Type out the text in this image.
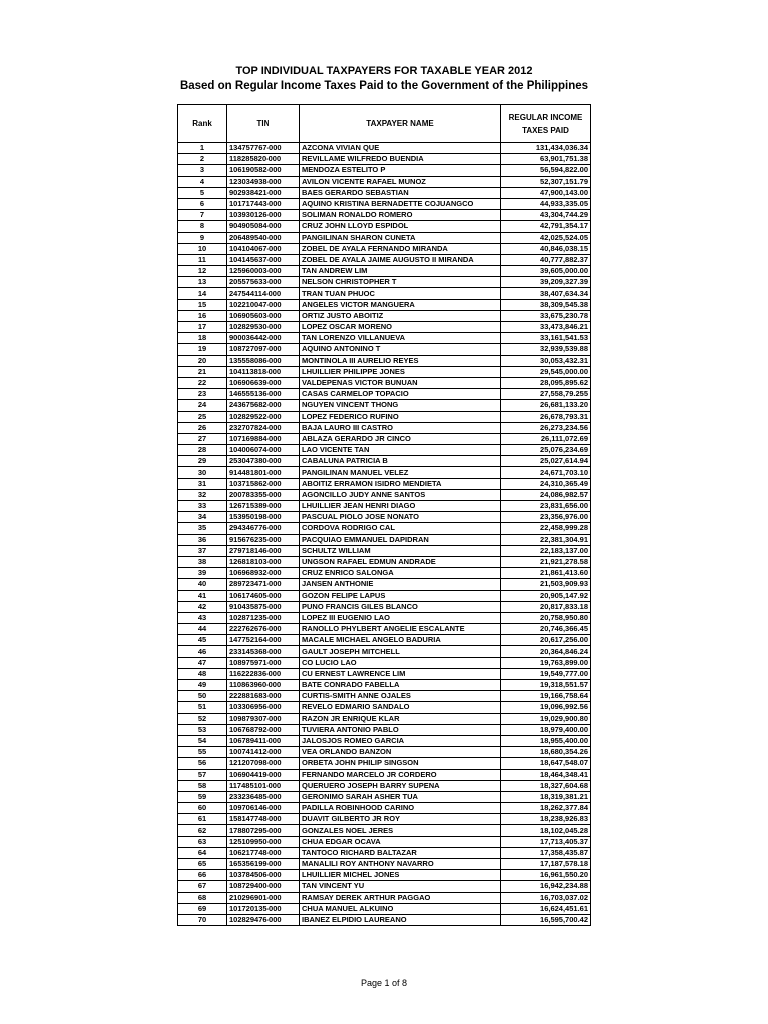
TOP INDIVIDUAL TAXPAYERS FOR TAXABLE YEAR 2012
Based on Regular Income Taxes Paid to the Government of the Philippines
Rank	TIN	TAXPAYER NAME	REGULAR INCOME
TAXES PAID
1	134757767-000	AZCONA VIVIAN QUE	131,434,036.34
2	118285820-000	REVILLAME WILFREDO BUENDIA	63,901,751.38
3	106190582-000	MENDOZA ESTELITO P	56,594,822.00
4	123034938-000	AVILON VICENTE RAFAEL MUNOZ	52,307,151.79
5	902938421-000	BAES GERARDO SEBASTIAN	47,900,143.00
6	101717443-000	AQUINO KRISTINA BERNADETTE COJUANGCO	44,933,335.05
7	103930126-000	SOLIMAN RONALDO ROMERO	43,304,744.29
8	904905084-000	CRUZ JOHN LLOYD ESPIDOL	42,791,354.17
9	206489540-000	PANGILINAN SHARON CUNETA	42,025,524.05
10	104104067-000	ZOBEL DE AYALA FERNANDO MIRANDA	40,846,038.15
11	104145637-000	ZOBEL DE AYALA JAIME AUGUSTO II MIRANDA	40,777,882.37
12	125960003-000	TAN ANDREW LIM	39,605,000.00
13	205575633-000	NELSON CHRISTOPHER T	39,209,327.39
14	247544114-000	TRAN TUAN PHUOC	38,407,634.34
15	102210047-000	ANGELES VICTOR MANGUERA	38,309,545.38
16	106905603-000	ORTIZ JUSTO ABOITIZ	33,675,230.78
17	102829530-000	LOPEZ OSCAR MORENO	33,473,846.21
18	900036442-000	TAN LORENZO VILLANUEVA	33,161,541.53
19	108727097-000	AQUINO ANTONINO T	32,939,539.88
20	135558086-000	MONTINOLA III AURELIO REYES	30,053,432.31
21	104113818-000	LHUILLIER PHILIPPE JONES	29,545,000.00
22	106906639-000	VALDEPENAS VICTOR BUNUAN	28,095,895.62
23	146555136-000	CASAS CARMELOP TOPACIO	27,558,79.255
24	243675682-000	NGUYEN VINCENT THONG	26,681,133.20
25	102829522-000	LOPEZ FEDERICO RUFINO	26,678,793.31
26	232707824-000	BAJA LAURO III CASTRO	26,273,234.56
27	107169884-000	ABLAZA GERARDO JR CINCO	26,111,072.69
28	104006074-000	LAO VICENTE TAN	25,076,234.69
29	253047380-000	CABALUNA PATRICIA B	25,027,614.94
30	914481801-000	PANGILINAN MANUEL VELEZ	24,671,703.10
31	103715862-000	ABOITIZ ERRAMON ISIDRO MENDIETA	24,310,365.49
32	200783355-000	AGONCILLO JUDY ANNE SANTOS	24,086,982.57
33	126715389-000	LHUILLIER JEAN HENRI DIAGO	23,831,656.00
34	153950198-000	PASCUAL PIOLO JOSE NONATO	23,356,976.00
35	294346776-000	CORDOVA RODRIGO CAL	22,458,999.28
36	915676235-000	PACQUIAO EMMANUEL DAPIDRAN	22,381,304.91
37	279718146-000	SCHULTZ WILLIAM	22,183,137.00
38	126818103-000	UNGSON RAFAEL EDMUN ANDRADE	21,921,278.58
39	106968932-000	CRUZ ENRICO SALONGA	21,861,413.60
40	289723471-000	JANSEN ANTHONIE	21,503,909.93
41	106174605-000	GOZON FELIPE LAPUS	20,905,147.92
42	910435875-000	PUNO FRANCIS GILES BLANCO	20,817,833.18
43	102871235-000	LOPEZ III EUGENIO LAO	20,758,950.80
44	222762676-000	RANOLLO PHYLBERT ANGELIE ESCALANTE	20,746,366.45
45	147752164-000	MACALE MICHAEL ANGELO BADURIA	20,617,256.00
46	233145368-000	GAULT JOSEPH MITCHELL	20,364,846.24
47	108975971-000	CO LUCIO LAO	19,763,899.00
48	116222836-000	CU ERNEST LAWRENCE LIM	19,549,777.00
49	110863960-000	BATE CONRADO FABELLA	19,318,551.57
50	222881683-000	CURTIS-SMITH ANNE OJALES	19,166,758.64
51	103306956-000	REVELO EDMARIO SANDALO	19,096,992.56
52	109879307-000	RAZON JR ENRIQUE KLAR	19,029,900.80
53	106768792-000	TUVIERA ANTONIO PABLO	18,979,400.00
54	106789411-000	JALOSJOS ROMEO GARCIA	18,955,400.00
55	100741412-000	VEA ORLANDO BANZON	18,680,354.26
56	121207098-000	ORBETA JOHN PHILIP SINGSON	18,647,548.07
57	106904419-000	FERNANDO MARCELO JR CORDERO	18,464,348.41
58	117485101-000	QUERUERO JOSEPH BARRY SUPENA	18,327,604.68
59	233236485-000	GERONIMO SARAH ASHER TUA	18,319,381.21
60	109706146-000	PADILLA ROBINHOOD CARINO	18,262,377.84
61	158147748-000	DUAVIT GILBERTO JR ROY	18,238,926.83
62	178807295-000	GONZALES NOEL JERES	18,102,045.28
63	125109950-000	CHUA EDGAR OCAVA	17,713,405.37
64	106217748-000	TANTOCO RICHARD BALTAZAR	17,358,435.87
65	165356199-000	MANALILI ROY ANTHONY NAVARRO	17,187,578.18
66	103784506-000	LHUILLIER MICHEL JONES	16,961,550.20
67	108729400-000	TAN VINCENT YU	16,942,234.88
68	210296901-000	RAMSAY DEREK ARTHUR PAGGAO	16,703,037.02
69	101720135-000	CHUA MANUEL ALKUINO	16,624,451.61
70	102829476-000	IBANEZ ELPIDIO LAUREANO	16,595,700.42
Page 1 of 8
